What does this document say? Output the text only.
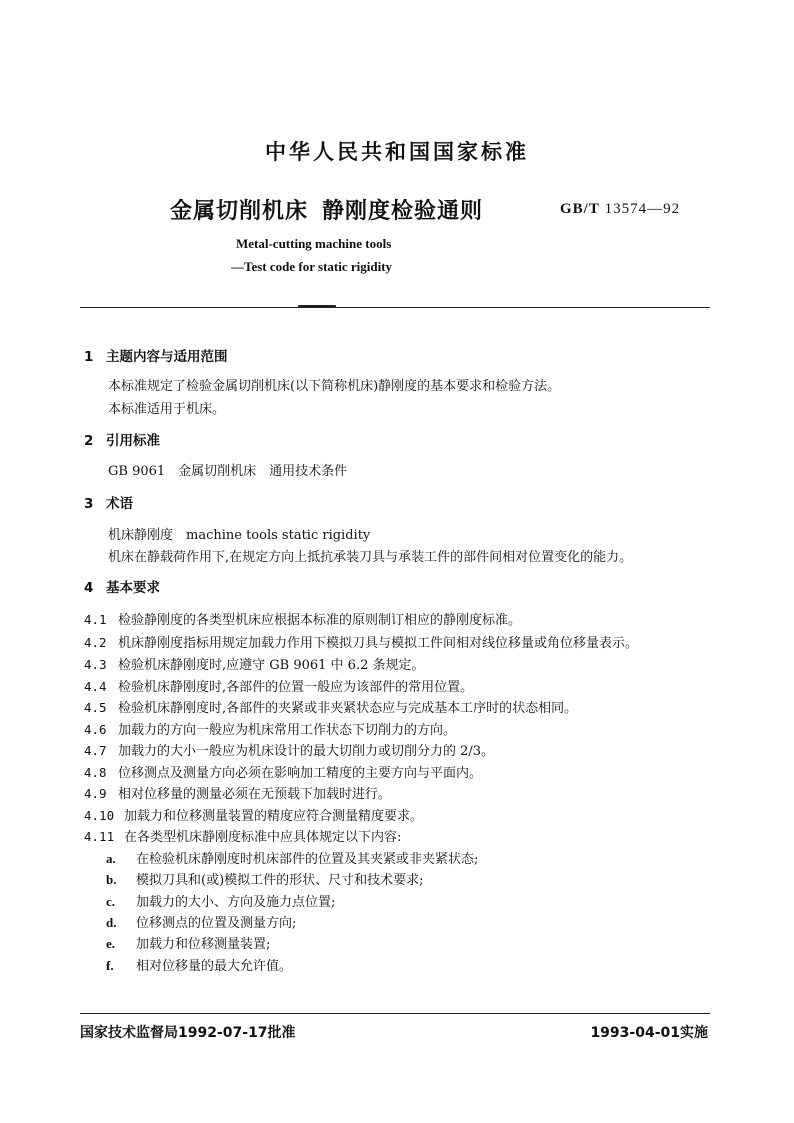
中华人民共和国国家标准
金属切削机床 静刚度检验通则	GB/T 13574—92
Metal-cutting machine tools
—Test code for static rigidity
1 主题内容与适用范围
本标准规定了检验金属切削机床(以下简称机床)静刚度的基本要求和检验方法。
本标准适用于机床。
2 引用标准
GB 9061　金属切削机床　通用技术条件
3 术语
机床静刚度　machine tools static rigidity
机床在静载荷作用下,在规定方向上抵抗承装刀具与承装工件的部件间相对位置变化的能力。
4 基本要求
4.1 检验静刚度的各类型机床应根据本标准的原则制订相应的静刚度标准。
4.2 机床静刚度指标用规定加载力作用下模拟刀具与模拟工件间相对线位移量或角位移量表示。
4.3 检验机床静刚度时,应遵守 GB 9061 中 6.2 条规定。
4.4 检验机床静刚度时,各部件的位置一般应为该部件的常用位置。
4.5 检验机床静刚度时,各部件的夹紧或非夹紧状态应与完成基本工序时的状态相同。
4.6 加载力的方向一般应为机床常用工作状态下切削力的方向。
4.7 加载力的大小一般应为机床设计的最大切削力或切削分力的 2/3。
4.8 位移测点及测量方向必须在影响加工精度的主要方向与平面内。
4.9 相对位移量的测量必须在无预载下加载时进行。
4.10 加载力和位移测量装置的精度应符合测量精度要求。
4.11 在各类型机床静刚度标准中应具体规定以下内容:
a. 在检验机床静刚度时机床部件的位置及其夹紧或非夹紧状态;
b. 模拟刀具和(或)模拟工件的形状、尺寸和技术要求;
c. 加载力的大小、方向及施力点位置;
d. 位移测点的位置及测量方向;
e. 加载力和位移测量装置;
f. 相对位移量的最大允许值。
国家技术监督局1992-07-17批准	1993-04-01实施
